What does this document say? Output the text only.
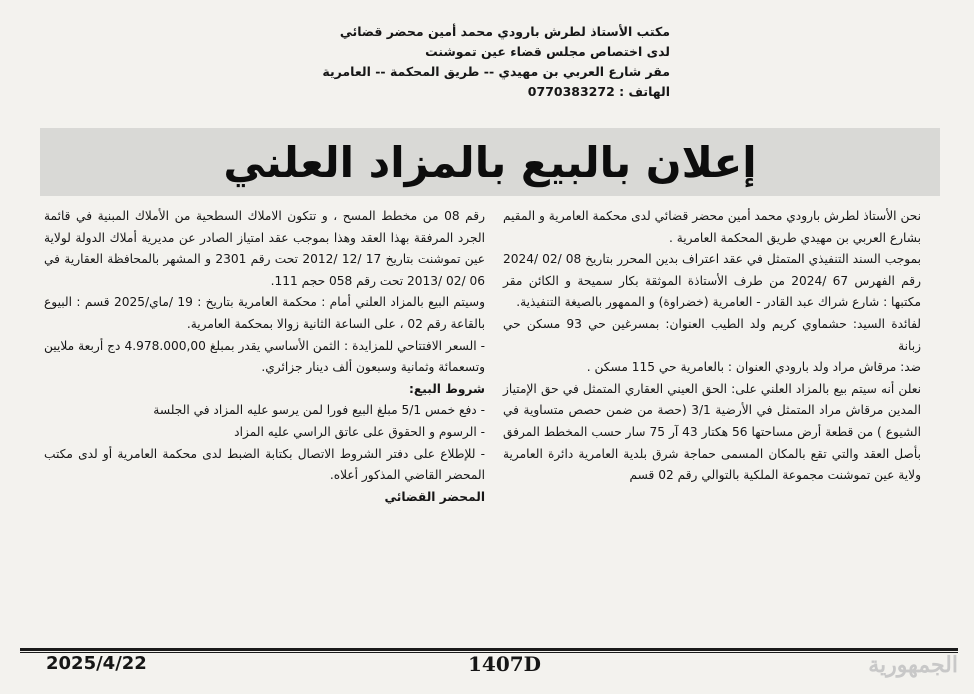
مكتب الأستاذ لطرش بارودي محمد أمين محضر قضائي
لدى اختصاص مجلس قضاء عين تموشنت
مقر شارع العربي بن مهيدي -- طريق المحكمة -- العامرية
الهاتف : 0770383272
إعلان بالبيع بالمزاد العلني

نحن الأستاذ لطرش بارودي محمد أمين محضر قضائي لدى محكمة العامرية و المقيم بشارع العربي بن مهيدي طريق المحكمة العامرية .

بموجب السند التنفيذي المتمثل في عقد اعتراف بدين المحرر بتاريخ 08 /02 /2024 رقم الفهرس 67 /2024 من طرف الأستاذة الموثقة بكار سميحة و الكائن مقر مكتبها : شارع شراك عبد القادر - العامرية (خضراوة) و الممهور بالصيغة التنفيذية.

لفائدة السيد: حشماوي كريم ولد الطيب العنوان: بمسرغين حي 93 مسكن حي زبانة

ضد: مرقاش مراد ولد بارودي العنوان : بالعامرية حي 115 مسكن .

نعلن أنه سيتم بيع بالمزاد العلني على: الحق العيني العقاري المتمثل في حق الإمتياز المدين مرقاش مراد المتمثل في الأرضية 3/1 (حصة من ضمن حصص متساوية في الشيوع ) من قطعة أرض مساحتها 56 هكتار 43 آر 75 سار حسب المخطط المرفق بأصل العقد والتي تقع بالمكان المسمى حماجة شرق بلدية العامرية دائرة العامرية ولاية عين تموشنت مجموعة الملكية بالتوالي رقم 02 قسم

رقم 08 من مخطط المسح ، و تتكون الاملاك السطحية من الأملاك المبنية في قائمة الجرد المرفقة بهذا العقد وهذا بموجب عقد امتياز الصادر عن مديرية أملاك الدولة لولاية عين تموشنت بتاريخ 17 /12 /2012 تحت رقم 2301 و المشهر بالمحافظة العقارية في 06 /02 /2013 تحت رقم 058 حجم 111.

وسيتم البيع بالمزاد العلني أمام : محكمة العامرية بتاريخ : 19 /ماي/2025 قسم : البيوع بالقاعة رقم 02 ، على الساعة الثانية زوالا بمحكمة العامرية.

- السعر الافتتاحي للمزايدة : الثمن الأساسي يقدر بمبلغ 4.978.000,00 دج أربعة ملايين وتسعمائة وثمانية وسبعون ألف دينار جزائري.

شروط البيع:

- دفع خمس 5/1 مبلغ البيع فورا لمن يرسو عليه المزاد في الجلسة

- الرسوم و الحقوق على عاتق الراسي عليه المزاد

- للإطلاع على دفتر الشروط الاتصال بكتابة الضبط لدى محكمة العامرية أو لدى مكتب المحضر القاضي المذكور أعلاه.

المحضر القضائي

2025/4/22	1407D	الجمهورية
